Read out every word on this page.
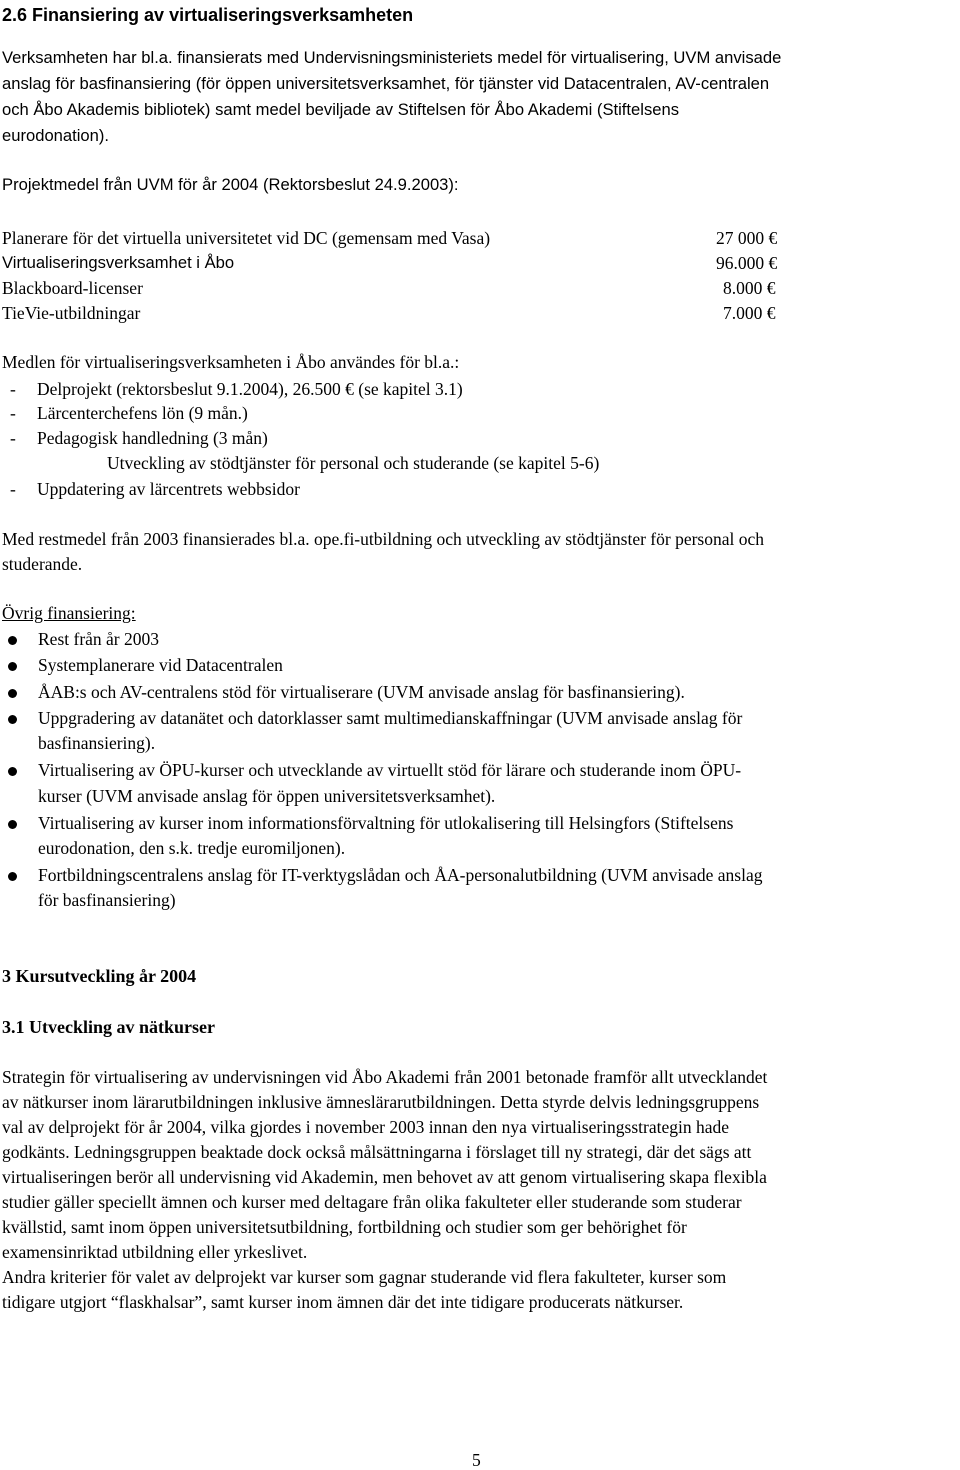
2.6 Finansiering av virtualiseringsverksamheten
Verksamheten har bl.a. finansierats med Undervisningsministeriets medel för virtualisering, UVM anvisade
anslag för basfinansiering (för öppen universitetsverksamhet, för tjänster vid Datacentralen, AV-centralen
och Åbo Akademis bibliotek) samt medel beviljade av Stiftelsen för Åbo Akademi (Stiftelsens
eurodonation).
Projektmedel från UVM för år 2004 (Rektorsbeslut 24.9.2003):
Planerare för det virtuella universitetet vid DC (gemensam med Vasa)	27 000 €
Virtualiseringsverksamhet i Åbo	96.000 €
Blackboard-licenser	8.000 €
TieVie-utbildningar	7.000 €
Medlen för virtualiseringsverksamheten i Åbo användes för bl.a.:
- Delprojekt (rektorsbeslut 9.1.2004), 26.500 € (se kapitel 3.1)
- Lärcenterchefens lön (9 mån.)
- Pedagogisk handledning (3 mån)
Utveckling av stödtjänster för personal och studerande (se kapitel 5-6)
- Uppdatering av lärcentrets webbsidor
Med restmedel från 2003 finansierades bl.a. ope.fi-utbildning och utveckling av stödtjänster för personal och
studerande.
Övrig finansiering:
Rest från år 2003
Systemplanerare vid Datacentralen
ÅAB:s och AV-centralens stöd för virtualiserare (UVM anvisade anslag för basfinansiering).
Uppgradering av datanätet och datorklasser samt multimedianskaffningar (UVM anvisade anslag för
basfinansiering).
Virtualisering av ÖPU-kurser och utvecklande av virtuellt stöd för lärare och studerande inom ÖPU-
kurser (UVM anvisade anslag för öppen universitetsverksamhet).
Virtualisering av kurser inom informationsförvaltning för utlokalisering till Helsingfors (Stiftelsens
eurodonation, den s.k. tredje euromiljonen).
Fortbildningscentralens anslag för IT-verktygslådan och ÅA-personalutbildning (UVM anvisade anslag
för basfinansiering)
3 Kursutveckling år 2004
3.1 Utveckling av nätkurser
Strategin för virtualisering av undervisningen vid Åbo Akademi från 2001 betonade framför allt utvecklandet
av nätkurser inom lärarutbildningen inklusive ämneslärarutbildningen. Detta styrde delvis ledningsgruppens
val av delprojekt för år 2004, vilka gjordes i november 2003 innan den nya virtualiseringsstrategin hade
godkänts. Ledningsgruppen beaktade dock också målsättningarna i förslaget till ny strategi, där det sägs att
virtualiseringen berör all undervisning vid Akademin, men behovet av att genom virtualisering skapa flexibla
studier gäller speciellt ämnen och kurser med deltagare från olika fakulteter eller studerande som studerar
kvällstid, samt inom öppen universitetsutbildning, fortbildning och studier som ger behörighet för
examensinriktad utbildning eller yrkeslivet.
Andra kriterier för valet av delprojekt var kurser som gagnar studerande vid flera fakulteter, kurser som
tidigare utgjort “flaskhalsar”, samt kurser inom ämnen där det inte tidigare producerats nätkurser.
5
